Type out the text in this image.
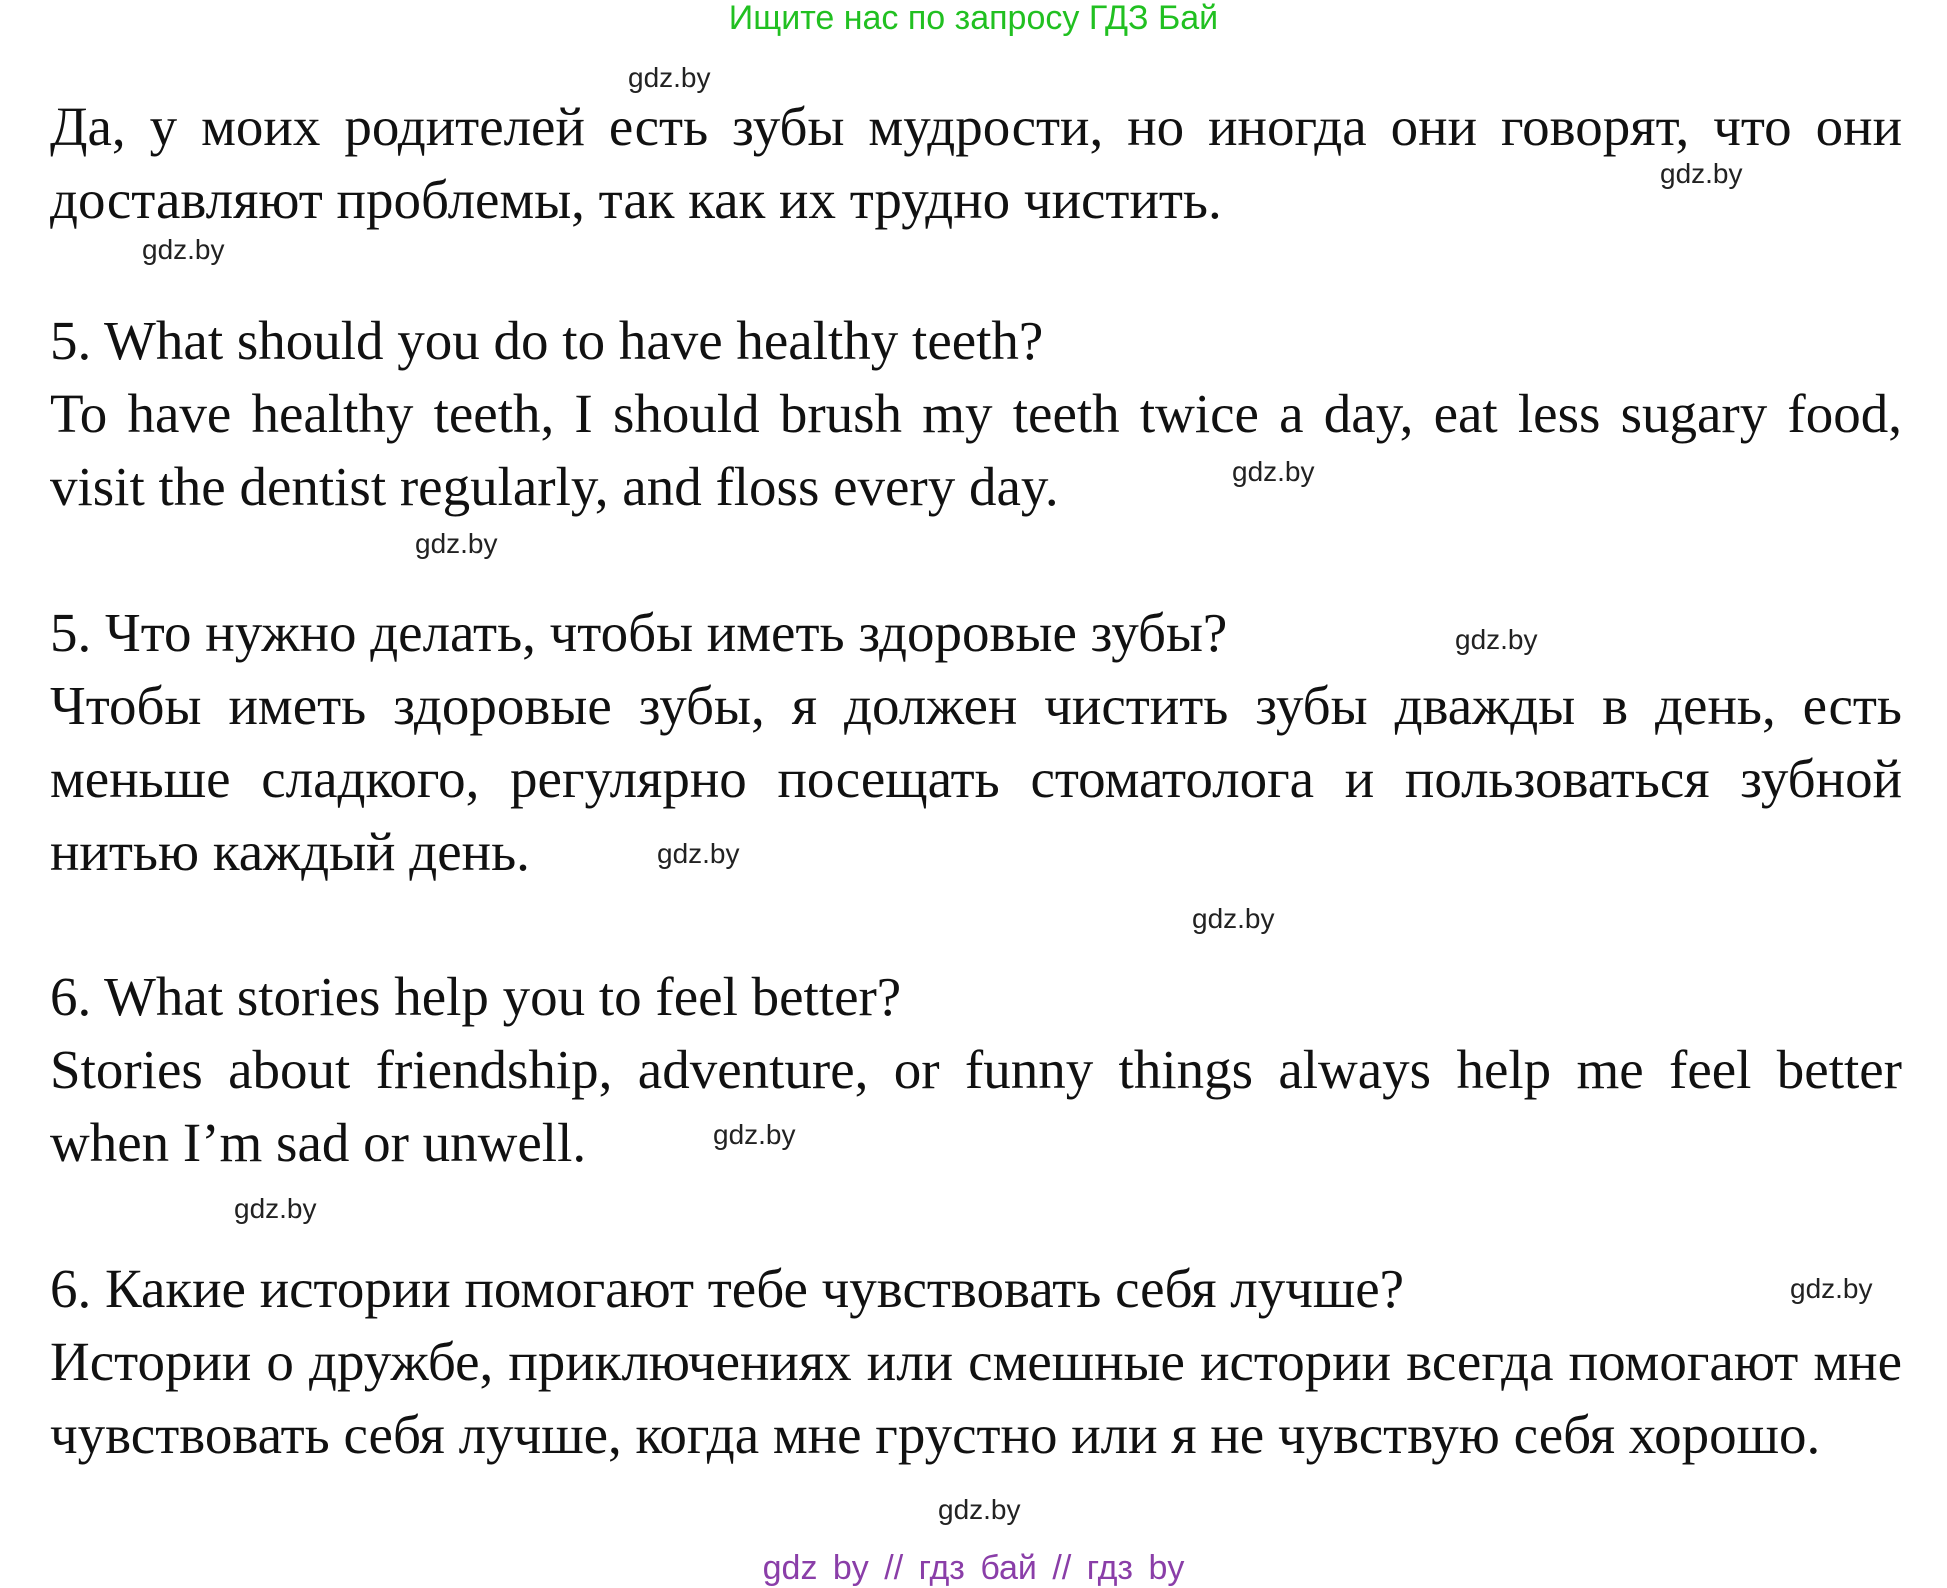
Ищите нас по запросу ГДЗ Бай

Да, у моих родителей есть зубы мудрости, но иногда они говорят, что они доставляют проблемы, так как их трудно чистить.

5. What should you do to have healthy teeth?

To have healthy teeth, I should brush my teeth twice a day, eat less sugary food, visit the dentist regularly, and floss every day.

5. Что нужно делать, чтобы иметь здоровые зубы?

Чтобы иметь здоровые зубы, я должен чистить зубы дважды в день, есть меньше сладкого, регулярно посещать стоматолога и пользоваться зубной нитью каждый день.

6. What stories help you to feel better?

Stories about friendship, adventure, or funny things always help me feel better when I’m sad or unwell.

6. Какие истории помогают тебе чувствовать себя лучше?

Истории о дружбе, приключениях или смешные истории всегда помогают мне чувствовать себя лучше, когда мне грустно или я не чувствую себя хорошо.

gdz.by
gdz.by
gdz.by
gdz.by
gdz.by
gdz.by
gdz.by
gdz.by
gdz.by
gdz.by
gdz.by
gdz.by
gdz by // гдз бай // гдз by
